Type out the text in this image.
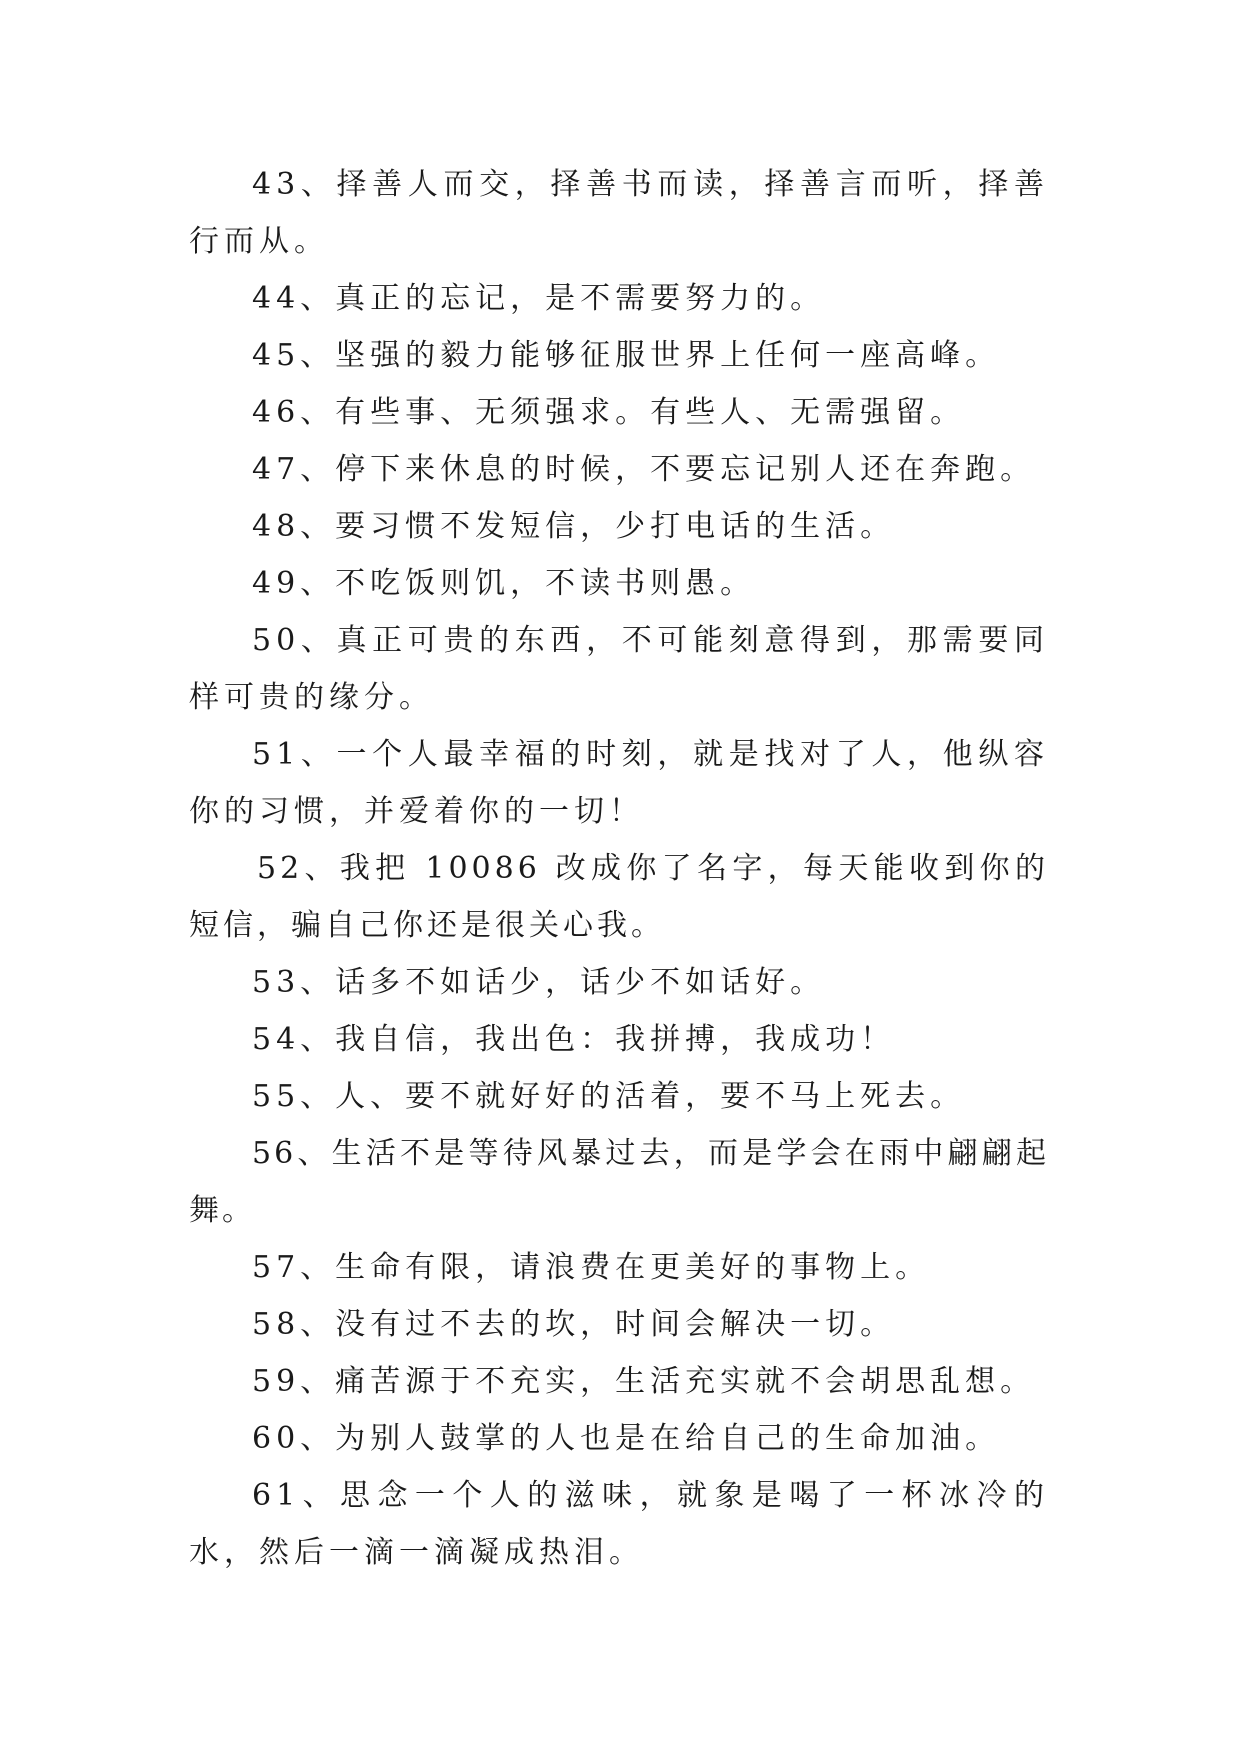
43、择善人而交，择善书而读，择善言而听，择善行而从。

44、真正的忘记，是不需要努力的。

45、坚强的毅力能够征服世界上任何一座高峰。

46、有些事、无须强求。有些人、无需强留。

47、停下来休息的时候，不要忘记别人还在奔跑。

48、要习惯不发短信，少打电话的生活。

49、不吃饭则饥，不读书则愚。

50、真正可贵的东西，不可能刻意得到，那需要同样可贵的缘分。

51、一个人最幸福的时刻，就是找对了人，他纵容你的习惯，并爱着你的一切！

52、我把 10086 改成你了名字，每天能收到你的短信，骗自己你还是很关心我。

53、话多不如话少，话少不如话好。

54、我自信，我出色：我拼搏，我成功！

55、人、要不就好好的活着，要不马上死去。

56、生活不是等待风暴过去，而是学会在雨中翩翩起舞。

57、生命有限，请浪费在更美好的事物上。

58、没有过不去的坎，时间会解决一切。

59、痛苦源于不充实，生活充实就不会胡思乱想。

60、为别人鼓掌的人也是在给自己的生命加油。

61、思念一个人的滋味，就象是喝了一杯冰冷的水，然后一滴一滴凝成热泪。
